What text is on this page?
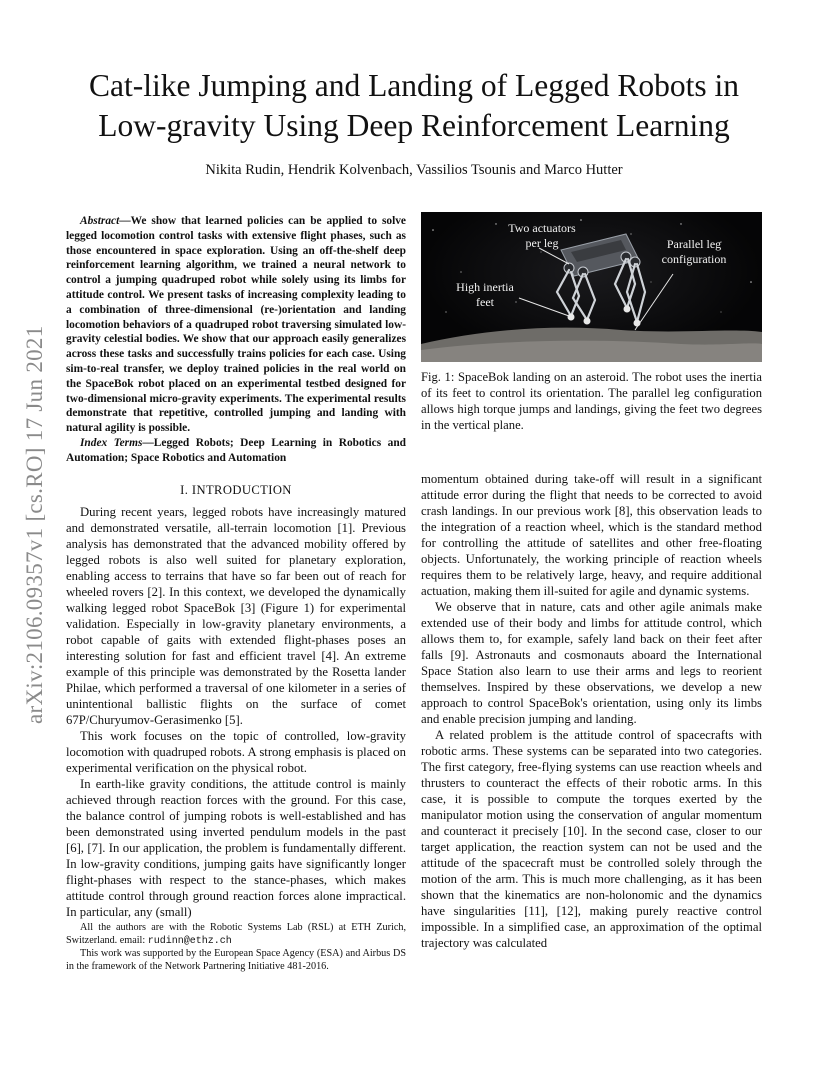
arXiv:2106.09357v1 [cs.RO] 17 Jun 2021
Cat-like Jumping and Landing of Legged Robots in
Low-gravity Using Deep Reinforcement Learning
Nikita Rudin, Hendrik Kolvenbach, Vassilios Tsounis and Marco Hutter

Abstract—We show that learned policies can be applied to solve legged locomotion control tasks with extensive flight phases, such as those encountered in space exploration. Using an off-the-shelf deep reinforcement learning algorithm, we trained a neural network to control a jumping quadruped robot while solely using its limbs for attitude control. We present tasks of increasing complexity leading to a combination of three-dimensional (re-)orientation and landing locomotion behaviors of a quadruped robot traversing simulated low-gravity celestial bodies. We show that our approach easily generalizes across these tasks and successfully trains policies for each case. Using sim-to-real transfer, we deploy trained policies in the real world on the SpaceBok robot placed on an experimental testbed designed for two-dimensional micro-gravity experiments. The experimental results demonstrate that repetitive, controlled jumping and landing with natural agility is possible.

Index Terms—Legged Robots; Deep Learning in Robotics and Automation; Space Robotics and Automation

I. INTRODUCTION

During recent years, legged robots have increasingly matured and demonstrated versatile, all-terrain locomotion [1]. Previous analysis has demonstrated that the advanced mobility offered by legged robots is also well suited for planetary exploration, enabling access to terrains that have so far been out of reach for wheeled rovers [2]. In this context, we developed the dynamically walking legged robot SpaceBok [3] (Figure 1) for experimental validation. Especially in low-gravity planetary environments, a robot capable of gaits with extended flight-phases poses an interesting solution for fast and efficient travel [4]. An extreme example of this principle was demonstrated by the Rosetta lander Philae, which performed a traversal of one kilometer in a series of unintentional ballistic flights on the surface of comet 67P/Churyumov-Gerasimenko [5].

This work focuses on the topic of controlled, low-gravity locomotion with quadruped robots. A strong emphasis is placed on experimental verification on the physical robot.

In earth-like gravity conditions, the attitude control is mainly achieved through reaction forces with the ground. For this case, the balance control of jumping robots is well-established and has been demonstrated using inverted pendulum models in the past [6], [7]. In our application, the problem is fundamentally different. In low-gravity conditions, jumping gaits have significantly longer flight-phases with respect to the stance-phases, which makes attitude control through ground reaction forces alone impractical. In particular, any (small)

All the authors are with the Robotic Systems Lab (RSL) at ETH Zurich, Switzerland. email: rudinn@ethz.ch

This work was supported by the European Space Agency (ESA) and Airbus DS in the framework of the Network Partnering Initiative 481-2016.

Two actuators
per leg	Parallel leg
configuration
High inertia
feet

Fig. 1: SpaceBok landing on an asteroid. The robot uses the inertia of its feet to control its orientation. The parallel leg configuration allows high torque jumps and landings, giving the feet two degrees in the vertical plane.

momentum obtained during take-off will result in a significant attitude error during the flight that needs to be corrected to avoid crash landings. In our previous work [8], this observation leads to the integration of a reaction wheel, which is the standard method for controlling the attitude of satellites and other free-floating objects. Unfortunately, the working principle of reaction wheels requires them to be relatively large, heavy, and require additional actuation, making them ill-suited for agile and dynamic systems.

We observe that in nature, cats and other agile animals make extended use of their body and limbs for attitude control, which allows them to, for example, safely land back on their feet after falls [9]. Astronauts and cosmonauts aboard the International Space Station also learn to use their arms and legs to reorient themselves. Inspired by these observations, we develop a new approach to control SpaceBok's orientation, using only its limbs and enable precision jumping and landing.

A related problem is the attitude control of spacecrafts with robotic arms. These systems can be separated into two categories. The first category, free-flying systems can use reaction wheels and thrusters to counteract the effects of their robotic arms. In this case, it is possible to compute the torques exerted by the manipulator motion using the conservation of angular momentum and counteract it precisely [10]. In the second case, closer to our target application, the reaction system can not be used and the attitude of the spacecraft must be controlled solely through the motion of the arm. This is much more challenging, as it has been shown that the kinematics are non-holonomic and the dynamics have singularities [11], [12], making purely reactive control impossible. In a simplified case, an approximation of the optimal trajectory was calculated
